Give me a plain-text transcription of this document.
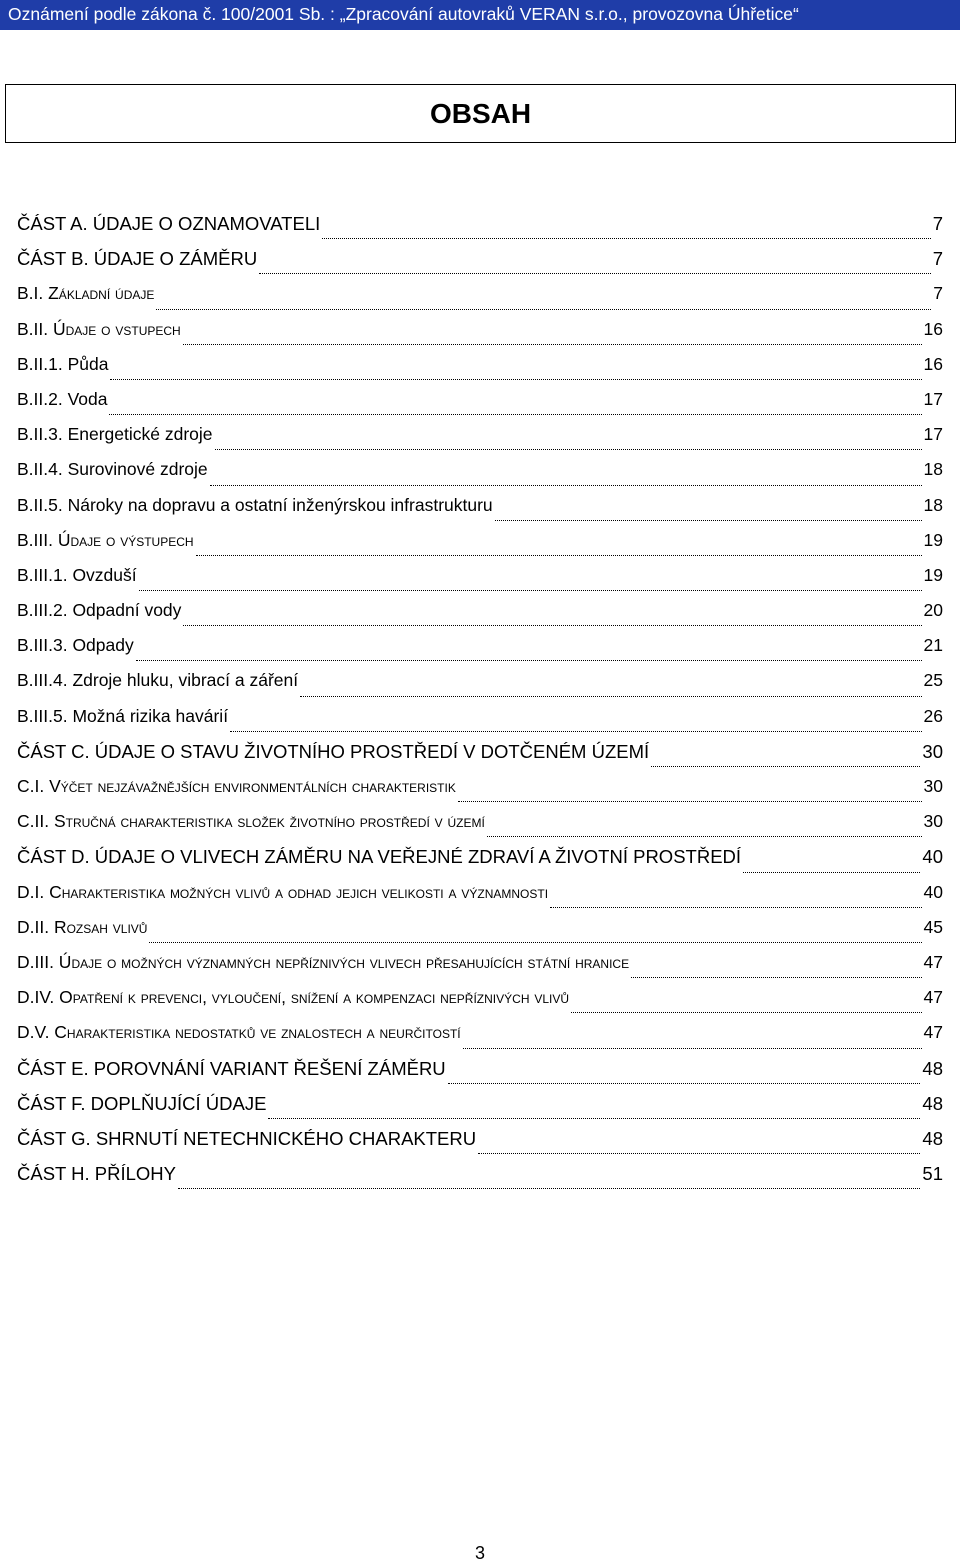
Oznámení podle zákona č. 100/2001 Sb. : „Zpracování autovraků VERAN s.r.o., provozovna Úhřetice“
OBSAH
ČÁST A. ÚDAJE O OZNAMOVATELI	7
ČÁST B. ÚDAJE O ZÁMĚRU	7
B.I. Základní údaje	7
B.II. Údaje o vstupech	16
B.II.1. Půda	16
B.II.2. Voda	17
B.II.3. Energetické zdroje	17
B.II.4. Surovinové zdroje	18
B.II.5. Nároky na dopravu a ostatní inženýrskou infrastrukturu	18
B.III. Údaje o výstupech	19
B.III.1. Ovzduší	19
B.III.2. Odpadní vody	20
B.III.3. Odpady	21
B.III.4. Zdroje hluku, vibrací a záření	25
B.III.5. Možná rizika havárií	26
ČÁST C. ÚDAJE O STAVU ŽIVOTNÍHO PROSTŘEDÍ V DOTČENÉM ÚZEMÍ	30
C.I. Výčet nejzávažnějších environmentálních charakteristik	30
C.II. Stručná charakteristika složek životního prostředí v území	30
ČÁST D. ÚDAJE O VLIVECH ZÁMĚRU NA VEŘEJNÉ ZDRAVÍ A ŽIVOTNÍ PROSTŘEDÍ	40
D.I. Charakteristika možných vlivů a odhad jejich velikosti a významnosti	40
D.II. Rozsah vlivů	45
D.III. Údaje o možných významných nepříznivých vlivech přesahujících státní hranice	47
D.IV. Opatření k prevenci, vyloučení, snížení a kompenzaci nepříznivých vlivů	47
D.V. Charakteristika nedostatků ve znalostech a neurčitostí	47
ČÁST E. POROVNÁNÍ VARIANT ŘEŠENÍ ZÁMĚRU	48
ČÁST F. DOPLŇUJÍCÍ ÚDAJE	48
ČÁST G. SHRNUTÍ NETECHNICKÉHO CHARAKTERU	48
ČÁST H. PŘÍLOHY	51
3
